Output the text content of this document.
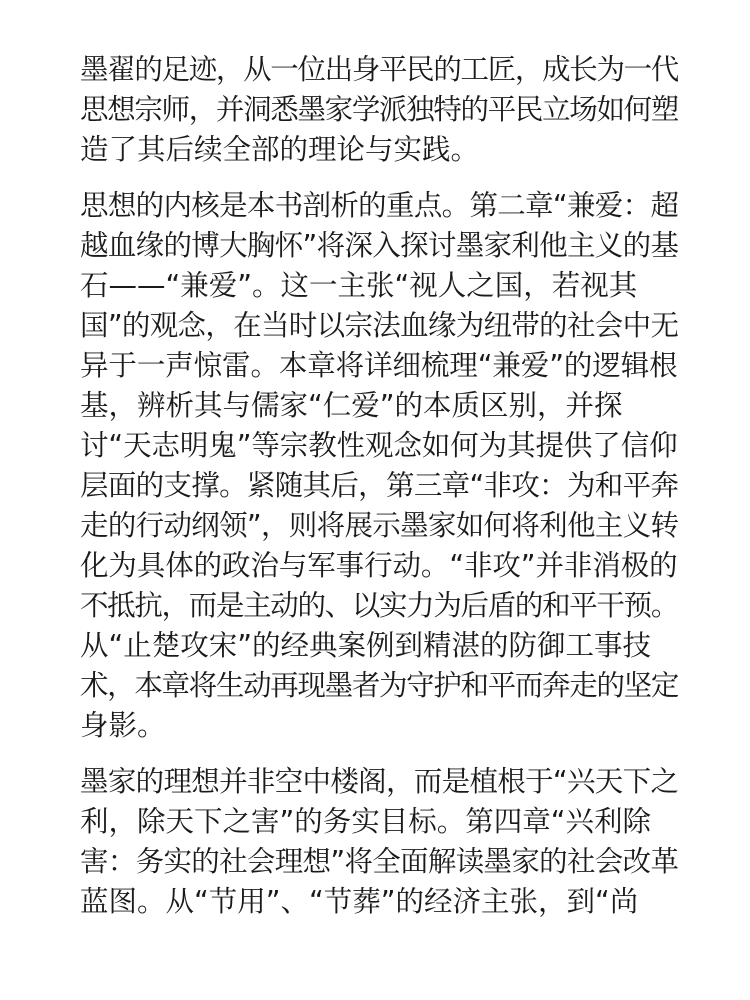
墨翟的足迹，从一位出身平民的工匠，成长为一代
思想宗师，并洞悉墨家学派独特的平民立场如何塑
造了其后续全部的理论与实践。

思想的内核是本书剖析的重点。第二章“兼爱：超
越血缘的博大胸怀”将深入探讨墨家利他主义的基
石——“兼爱”。这一主张“视人之国，若视其
国”的观念，在当时以宗法血缘为纽带的社会中无
异于一声惊雷。本章将详细梳理“兼爱”的逻辑根
基，辨析其与儒家“仁爱”的本质区别，并探
讨“天志明鬼”等宗教性观念如何为其提供了信仰
层面的支撑。紧随其后，第三章“非攻：为和平奔
走的行动纲领”，则将展示墨家如何将利他主义转
化为具体的政治与军事行动。“非攻”并非消极的
不抵抗，而是主动的、以实力为后盾的和平干预。
从“止楚攻宋”的经典案例到精湛的防御工事技
术，本章将生动再现墨者为守护和平而奔走的坚定
身影。

墨家的理想并非空中楼阁，而是植根于“兴天下之
利，除天下之害”的务实目标。第四章“兴利除
害：务实的社会理想”将全面解读墨家的社会改革
蓝图。从“节用”、“节葬”的经济主张，到“尚
